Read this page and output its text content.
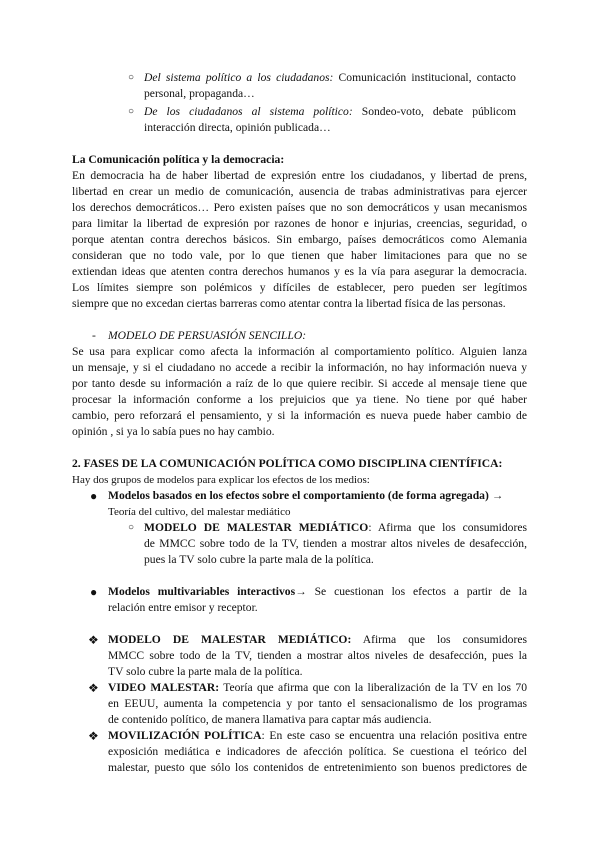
○ Del sistema político a los ciudadanos: Comunicación institucional, contacto
personal, propaganda…
○ De los ciudadanos al sistema político: Sondeo-voto, debate públicom
interacción directa, opinión publicada…
La Comunicación política y la democracia:
En democracia ha de haber libertad de expresión entre los ciudadanos, y libertad de prens,
libertad en crear un medio de comunicación, ausencia de trabas administrativas para ejercer
los derechos democráticos… Pero existen países que no son democráticos y usan mecanismos
para limitar la libertad de expresión por razones de honor e injurias, creencias, seguridad, o
porque atentan contra derechos básicos. Sin embargo, países democráticos como Alemania
consideran que no todo vale, por lo que tienen que haber limitaciones para que no se
extiendan ideas que atenten contra derechos humanos y es la vía para asegurar la democracia.
Los límites siempre son polémicos y difíciles de establecer, pero pueden ser legítimos
siempre que no excedan ciertas barreras como atentar contra la libertad física de las personas.
- MODELO DE PERSUASIÓN SENCILLO:
Se usa para explicar como afecta la información al comportamiento político. Alguien lanza
un mensaje, y si el ciudadano no accede a recibir la información, no hay información nueva y
por tanto desde su información a raíz de lo que quiere recibir. Si accede al mensaje tiene que
procesar la información conforme a los prejuicios que ya tiene. No tiene por qué haber
cambio, pero reforzará el pensamiento, y si la información es nueva puede haber cambio de
opinión , si ya lo sabía pues no hay cambio.
2. FASES DE LA COMUNICACIÓN POLÍTICA COMO DISCIPLINA CIENTÍFICA:
Hay dos grupos de modelos para explicar los efectos de los medios:
● Modelos basados en los efectos sobre el comportamiento (de forma agregada) →
Teoría del cultivo, del malestar mediático
○ MODELO DE MALESTAR MEDIÁTICO: Afirma que los consumidores
de MMCC sobre todo de la TV, tienden a mostrar altos niveles de desafección,
pues la TV solo cubre la parte mala de la política.
● Modelos multivariables interactivos→ Se cuestionan los efectos a partir de la
relación entre emisor y receptor.
❖ MODELO DE MALESTAR MEDIÁTICO: Afirma que los consumidores
MMCC sobre todo de la TV, tienden a mostrar altos niveles de desafección, pues la
TV solo cubre la parte mala de la política.
❖ VIDEO MALESTAR: Teoría que afirma que con la liberalización de la TV en los 70
en EEUU, aumenta la competencia y por tanto el sensacionalismo de los programas
de contenido político, de manera llamativa para captar más audiencia.
❖ MOVILIZACIÓN POLÍTICA: En este caso se encuentra una relación positiva entre
exposición mediática e indicadores de afección política. Se cuestiona el teórico del
malestar, puesto que sólo los contenidos de entretenimiento son buenos predictores de
